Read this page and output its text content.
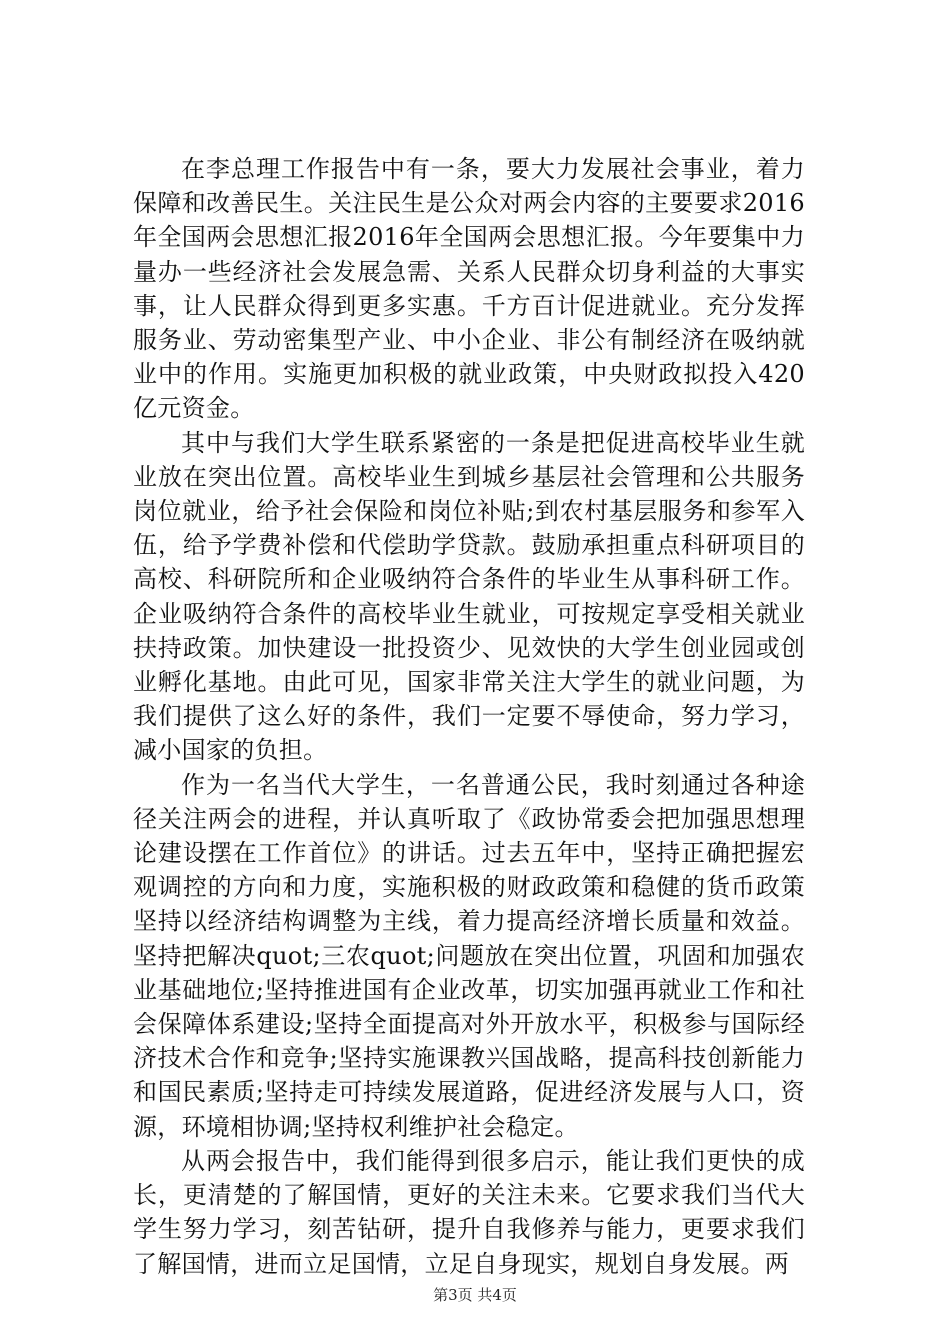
在李总理工作报告中有一条，要大力发展社会事业，着力保障和改善民生。关注民生是公众对两会内容的主要要求2016年全国两会思想汇报2016年全国两会思想汇报。今年要集中力量办一些经济社会发展急需、关系人民群众切身利益的大事实事，让人民群众得到更多实惠。千方百计促进就业。充分发挥服务业、劳动密集型产业、中小企业、非公有制经济在吸纳就业中的作用。实施更加积极的就业政策，中央财政拟投入420亿元资金。

其中与我们大学生联系紧密的一条是把促进高校毕业生就业放在突出位置。高校毕业生到城乡基层社会管理和公共服务岗位就业，给予社会保险和岗位补贴;到农村基层服务和参军入伍，给予学费补偿和代偿助学贷款。鼓励承担重点科研项目的高校、科研院所和企业吸纳符合条件的毕业生从事科研工作。企业吸纳符合条件的高校毕业生就业，可按规定享受相关就业扶持政策。加快建设一批投资少、见效快的大学生创业园或创业孵化基地。由此可见，国家非常关注大学生的就业问题，为我们提供了这么好的条件，我们一定要不辱使命，努力学习，减小国家的负担。

作为一名当代大学生，一名普通公民，我时刻通过各种途径关注两会的进程，并认真听取了《政协常委会把加强思想理论建设摆在工作首位》的讲话。过去五年中，坚持正确把握宏观调控的方向和力度，实施积极的财政政策和稳健的货币政策坚持以经济结构调整为主线，着力提高经济增长质量和效益。坚持把解决quot;三农quot;问题放在突出位置，巩固和加强农业基础地位;坚持推进国有企业改革，切实加强再就业工作和社会保障体系建设;坚持全面提高对外开放水平，积极参与国际经济技术合作和竞争;坚持实施课教兴国战略，提高科技创新能力和国民素质;坚持走可持续发展道路，促进经济发展与人口，资源，环境相协调;坚持权利维护社会稳定。

从两会报告中，我们能得到很多启示，能让我们更快的成长，更清楚的了解国情，更好的关注未来。它要求我们当代大学生努力学习，刻苦钻研，提升自我修养与能力，更要求我们了解国情，进而立足国情，立足自身现实，规划自身发展。两

第3页 共4页
